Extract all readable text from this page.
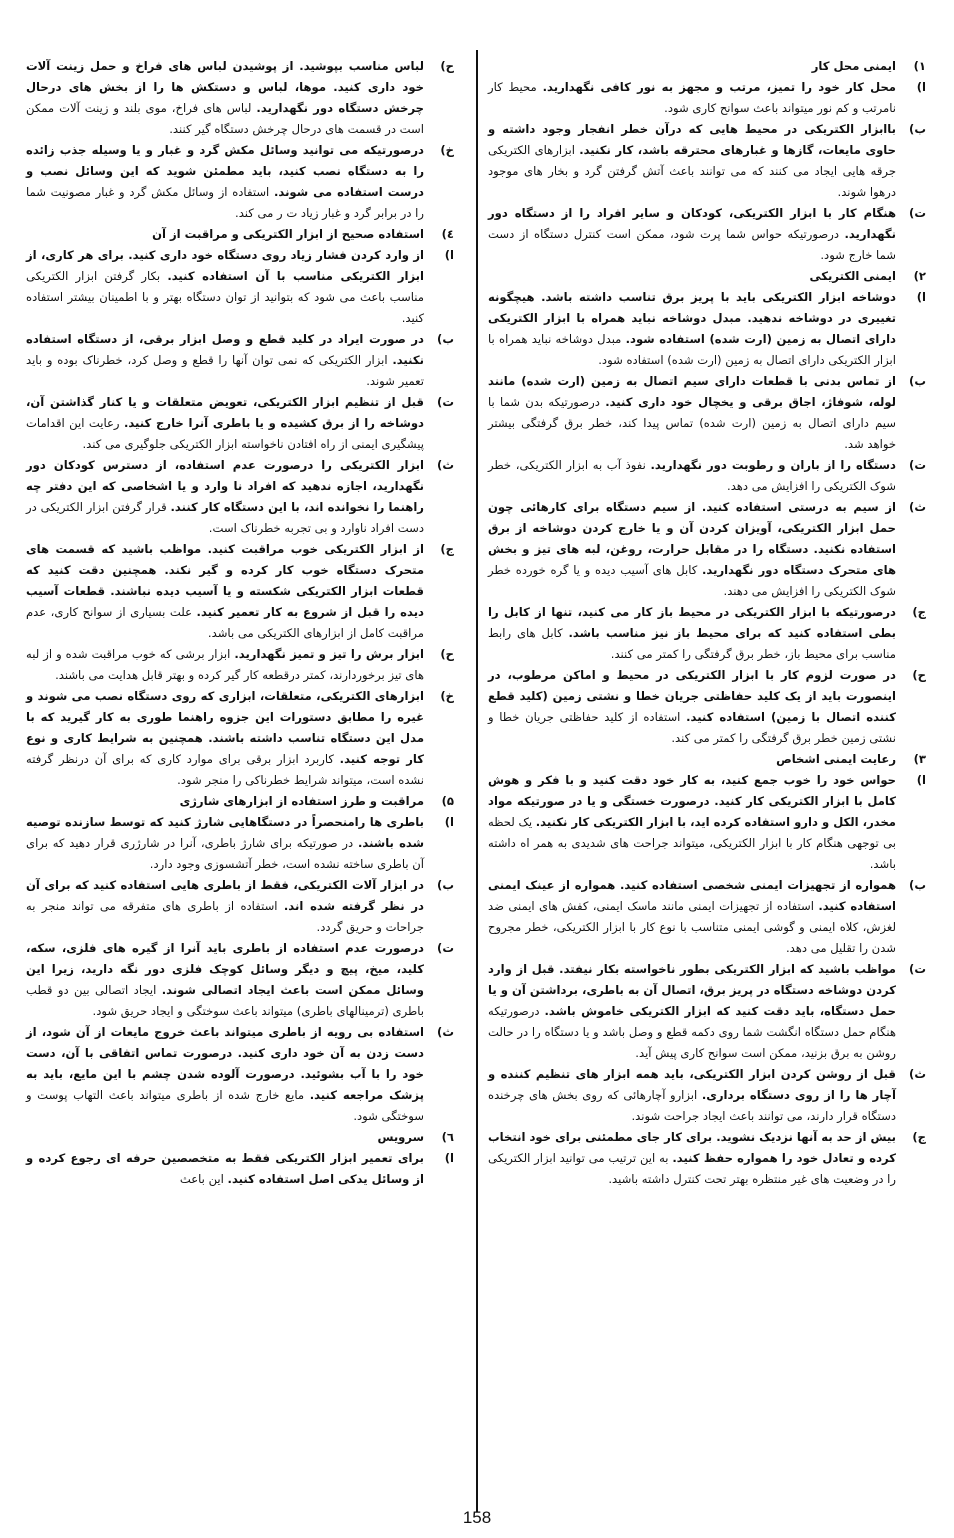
۱)
ایمنی محل کار
ا)
محل کار خود را تمیز، مرتب و مجهز به نور کافی نگهدارید. محیط کار نامرتب و کم نور میتواند باعث سوانح کاری شود.
ب)
باابزار الکتریکی در محیط هایی که درآن خطر انفجار وجود داشته و حاوی مایعات، گازها و غبارهای محترقه باشد، کار نکنید. ابزارهای الکتریکی جرقه هایی ایجاد می کنند که می توانند باعث آتش گرفتن گرد و بخار های موجود درهوا شوند.
ت)
هنگام کار با ابزار الکتریکی، کودکان و سایر افراد را از دستگاه دور نگهدارید. درصورتیکه حواس شما پرت شود، ممکن است کنترل دستگاه از دست شما خارج شود.
۲)
ایمنی الکتریکی
ا)
دوشاخه ابزار الکتریکی باید با پریز برق تناسب داشته باشد. هیچگونه تغییری در دوشاخه ندهید. مبدل دوشاخه نباید همراه با ابزار الکتریکی دارای اتصال به زمین (ارت شده) استفاده شود. مبدل دوشاخه نباید همراه با ابزار الکتریکی دارای اتصال به زمین (ارت شده) استفاده شود.
ب)
از تماس بدنی با قطعات دارای سیم اتصال به زمین (ارت شده) مانند لوله، شوفاژ، اجاق برقی و یخچال خود داری کنید. درصورتیکه بدن شما با سیم دارای اتصال به زمین (ارت شده) تماس پیدا کند، خطر برق گرفتگی بیشتر خواهد شد.
ت)
دستگاه را از باران و رطوبت دور نگهدارید. نفوذ آب به ابزار الکتریکی، خطر شوک الکتریکی را افزایش می دهد.
ث)
از سیم به درستی استفاده کنید. از سیم دستگاه برای کارهائی چون حمل ابزار الکتریکی، آویزان کردن آن و یا خارج کردن دوشاخه از برق استفاده نکنید. دستگاه را در مقابل حرارت، روغن، لبه های تیز و بخش های متحرک دستگاه دور نگهدارید. کابل های آسیب دیده و یا گره خورده خطر شوک الکتریکی را افزایش می دهند.
ج)
درصورتیکه با ابزار الکتریکی در محیط باز کار می کنید، تنها از کابل را بطی استفاده کنید که برای محیط باز نیز مناسب باشد. کابل های رابط مناسب برای محیط باز، خطر برق گرفتگی را کمتر می کنند.
ح)
در صورت لزوم کار با ابزار الکتریکی در محیط و اماکن مرطوب، در اینصورت باید از یک کلید حفاظتی جریان خطا و نشتی زمین (کلید قطع کننده اتصال با زمین) استفاده کنید. استفاده از کلید حفاظتی جریان خطا و نشتی زمین خطر برق گرفتگی را کمتر می کند.
۳)
رعایت ایمنی اشخاص
ا)
حواس خود را خوب جمع کنید، به کار خود دقت کنید و با فکر و هوش کامل با ابزار الکتریکی کار کنید. درصورت خستگی و یا در صورتیکه مواد مخدر، الکل و دارو استفاده کرده اید، با ابزار الکتریکی کار نکنید. یک لحظه بی توجهی هنگام کار با ابزار الکتریکی، میتواند جراحت های شدیدی به همر اه داشته باشد.
ب)
همواره از تجهیزات ایمنی شخصی استفاده کنید. همواره از عینک ایمنی استفاده کنید. استفاده از تجهیزات ایمنی مانند ماسک ایمنی، کفش های ایمنی ضد لغزش، کلاه ایمنی و گوشی ایمنی متناسب با نوع کار با ابزار الکتریکی، خطر مجروح شدن را تقلیل می دهد.
ت)
مواظب باشید که ابزار الکتریکی بطور ناخواسته بکار نیفتد. قبل از وارد کردن دوشاخه دستگاه در پریز برق، اتصال آن به باطری، برداشتن آن و یا حمل دستگاه، باید دقت کنید که ابزار الکتریکی خاموش باشد. درصورتیکه هنگام حمل دستگاه انگشت شما روی دکمه قطع و وصل باشد و یا دستگاه را در حالت روشن به برق بزنید، ممکن است سوانح کاری پیش آید.
ث)
قبل از روشن کردن ابزار الکتریکی، باید همه ابزار های تنظیم کننده و آچار ها را از روی دستگاه برداری. ابزارو آچارهائی که روی بخش های چرخنده دستگاه قرار دارند، می توانند باعث ایجاد جراحت شوند.
ج)
بیش از حد به آنها نزدیک نشوید. برای کار جای مطمئنی برای خود انتخاب کرده و تعادل خود را همواره حفظ کنید. به این ترتیب می توانید ابزار الکتریکی را در وضعیت های غیر منتظره بهتر تحت کنترل داشته باشید.
ح)
لباس مناسب بپوشید. از پوشیدن لباس های فراخ و حمل زینت آلات خود داری کنید. موها، لباس و دستکش ها را از بخش های درحال چرخش دستگاه دور نگهدارید. لباس های فراخ، موی بلند و زینت آلات ممکن است در قسمت های درحال چرخش دستگاه گیر کنند.
خ)
درصورتیکه می توانید وسائل مکش گرد و غبار و یا وسیله جذب زائده را به دستگاه نصب کنید، باید مطمئن شوید که این وسائل نصب و درست استفاده می شوند. استفاده از وسائل مکش گرد و غبار مصونیت شما را در برابر گرد و غبار زیاد ت ر می کند.
٤)
استفاده صحیح از ابزار الکتریکی و مراقبت از آن
ا)
از وارد کردن فشار زیاد روی دستگاه خود داری کنید. برای هر کاری، از ابزار الکتریکی مناسب با آن استفاده کنید. بکار گرفتن ابزار الکتریکی مناسب باعث می شود که بتوانید از توان دستگاه بهتر و با اطمینان بیشتر استفاده کنید.
ب)
در صورت ایراد در کلید قطع و وصل ابزار برقی، از دستگاه استفاده نکنید. ابزار الکتریکی که نمی توان آنها را قطع و وصل کرد، خطرناک بوده و باید تعمیر شوند.
ت)
قبل از تنظیم ابزار الکتریکی، تعویض متعلقات و یا کنار گذاشتن آن، دوشاخه را از برق کشیده و یا باطری آنرا خارج کنید. رعایت این اقدامات پیشگیری ایمنی از راه افتادن ناخواسته ابزار الکتریکی جلوگیری می کند.
ث)
ابزار الکتریکی را درصورت عدم استفاده، از دسترس کودکان دور نگهدارید، اجازه ندهید که افراد نا وارد و یا اشخاصی که این دفتر چه راهنما را نخوانده اند، با این دستگاه کار کنند. قرار گرفتن ابزار الکتریکی در دست افراد ناوارد و بی تجربه خطرناک است.
ج)
از ابزار الکتریکی خوب مراقبت کنید. مواظب باشید که قسمت های متحرک دستگاه خوب کار کرده و گیر نکند. همچنین دقت کنید که قطعات ابزار الکتریکی شکسته و یا آسیب دیده نباشند. قطعات آسیب دیده را قبل از شروع به کار تعمیر کنید. علت بسیاری از سوانح کاری، عدم مراقبت کامل از ابزارهای الکتریکی می باشد.
ح)
ابزار برش را تیز و تمیز نگهدارید. ابزار برشی که خوب مراقبت شده و از لبه های تیز برخوردارند، کمتر درقطعه کار گیر کرده و بهتر قابل هدایت می باشند.
خ)
ابزارهای الکتریکی، متعلقات، ابزاری که روی دستگاه نصب می شوند و غیره را مطابق دستورات این جزوه راهنما طوری به کار گیرید که با مدل این دستگاه تناسب داشته باشند. همچنین به شرایط کاری و نوع کار توجه کنید. کاربرد ابزار برقی برای موارد کاری که برای آن درنظر گرفته نشده است، میتواند شرایط خطرناکی را منجر شود.
۵)
مراقبت و طرز استفاده از ابزارهای شارژی
ا)
باطری ها رامنحصراً در دستگاهایی شارژ کنید که توسط سازنده توصیه شده باشند. در صورتیکه برای شارژ باطری، آنرا در شارژری قرار دهید که برای آن باطری ساخته نشده است، خطر آتشسوزی وجود دارد.
ب)
در ابزار آلات الکتریکی، فقط از باطری هایی استفاده کنید که برای آن در نظر گرفته شده اند. استفاده از باطری های متفرقه می تواند منجر به جراحات و حریق گردد.
ت)
درصورت عدم استفاده از باطری باید آنرا از گیره های فلزی، سکه، کلید، میخ، پیچ و دیگر وسائل کوچک فلزی دور نگه دارید، زیرا این وسائل ممکن است باعث ایجاد اتصالی شوند. ایجاد اتصالی بین دو قطب باطری (ترمینالهای باطری) میتواند باعث سوختگی و ایجاد حریق شود.
ث)
استفاده بی رویه از باطری میتواند باعث خروج مایعات از آن شود، از دست زدن به آن خود داری کنید. درصورت تماس اتفاقی با آن، دست خود را با آب بشوئید. درصورت آلوده شدن چشم با این مایع، باید به پزشک مراجعه کنید. مایع خارج شده از باطری میتواند باعث التهاب پوست و سوختگی شود.
٦)
سرویس
ا)
برای تعمیر ابزار الکتریکی فقط به متخصصین حرفه ای رجوع کرده و از وسائل یدکی اصل استفاده کنید. این باعث
158
